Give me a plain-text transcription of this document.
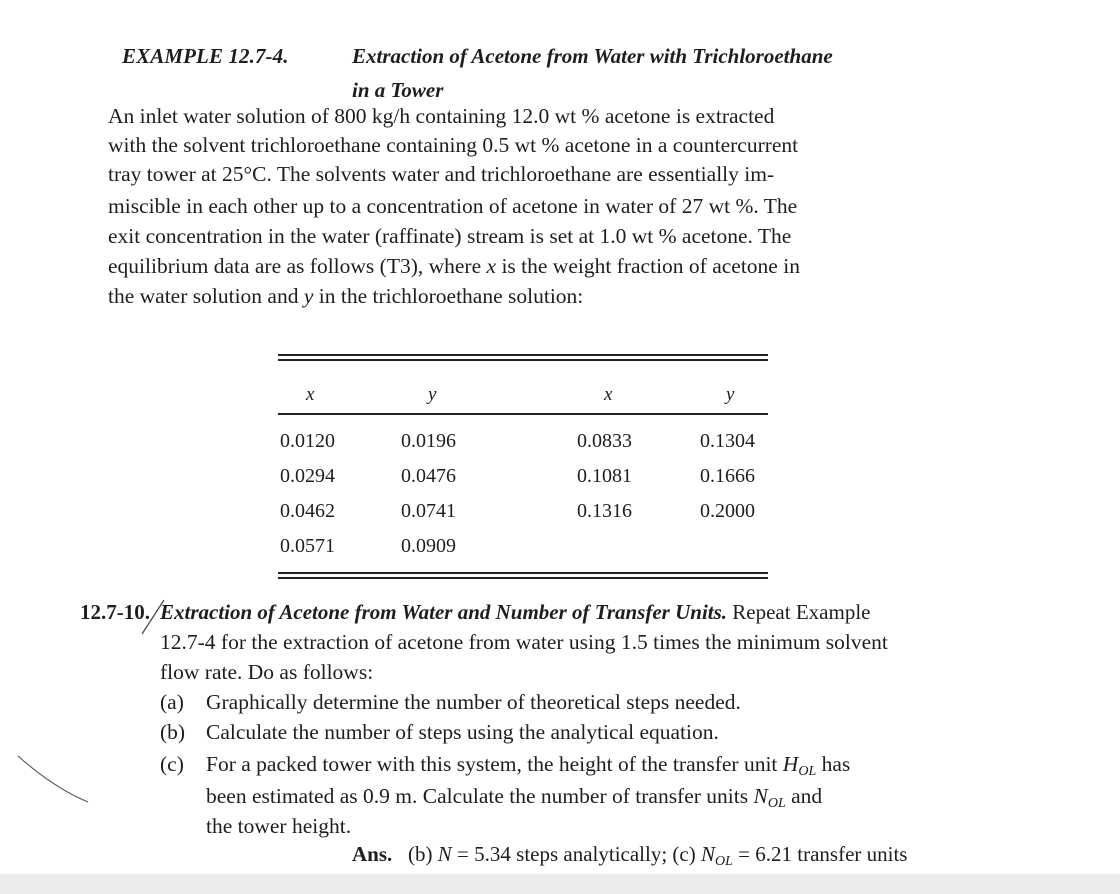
EXAMPLE 12.7-4.	Extraction of Acetone from Water with Trichloroethane
in a Tower
An inlet water solution of 800 kg/h containing 12.0 wt % acetone is extracted
with the solvent trichloroethane containing 0.5 wt % acetone in a countercurrent
tray tower at 25°C. The solvents water and trichloroethane are essentially im-
miscible in each other up to a concentration of acetone in water of 27 wt %. The
exit concentration in the water (raffinate) stream is set at 1.0 wt % acetone. The
equilibrium data are as follows (T3), where x is the weight fraction of acetone in
the water solution and y in the trichloroethane solution:
x	y	x	y
0.0120	0.0196	0.0833	0.1304
0.0294	0.0476	0.1081	0.1666
0.0462	0.0741	0.1316	0.2000
0.0571	0.0909
12.7-10. Extraction of Acetone from Water and Number of Transfer Units. Repeat Example
12.7-4 for the extraction of acetone from water using 1.5 times the minimum solvent
flow rate. Do as follows:
(a) Graphically determine the number of theoretical steps needed.
(b) Calculate the number of steps using the analytical equation.
(c) For a packed tower with this system, the height of the transfer unit $H_{OL}$ has
been estimated as 0.9 m. Calculate the number of transfer units $N_{OL}$ and
the tower height.
Ans. (b) N = 5.34 steps analytically; (c) $N_{OL} = 6.21$ transfer units
